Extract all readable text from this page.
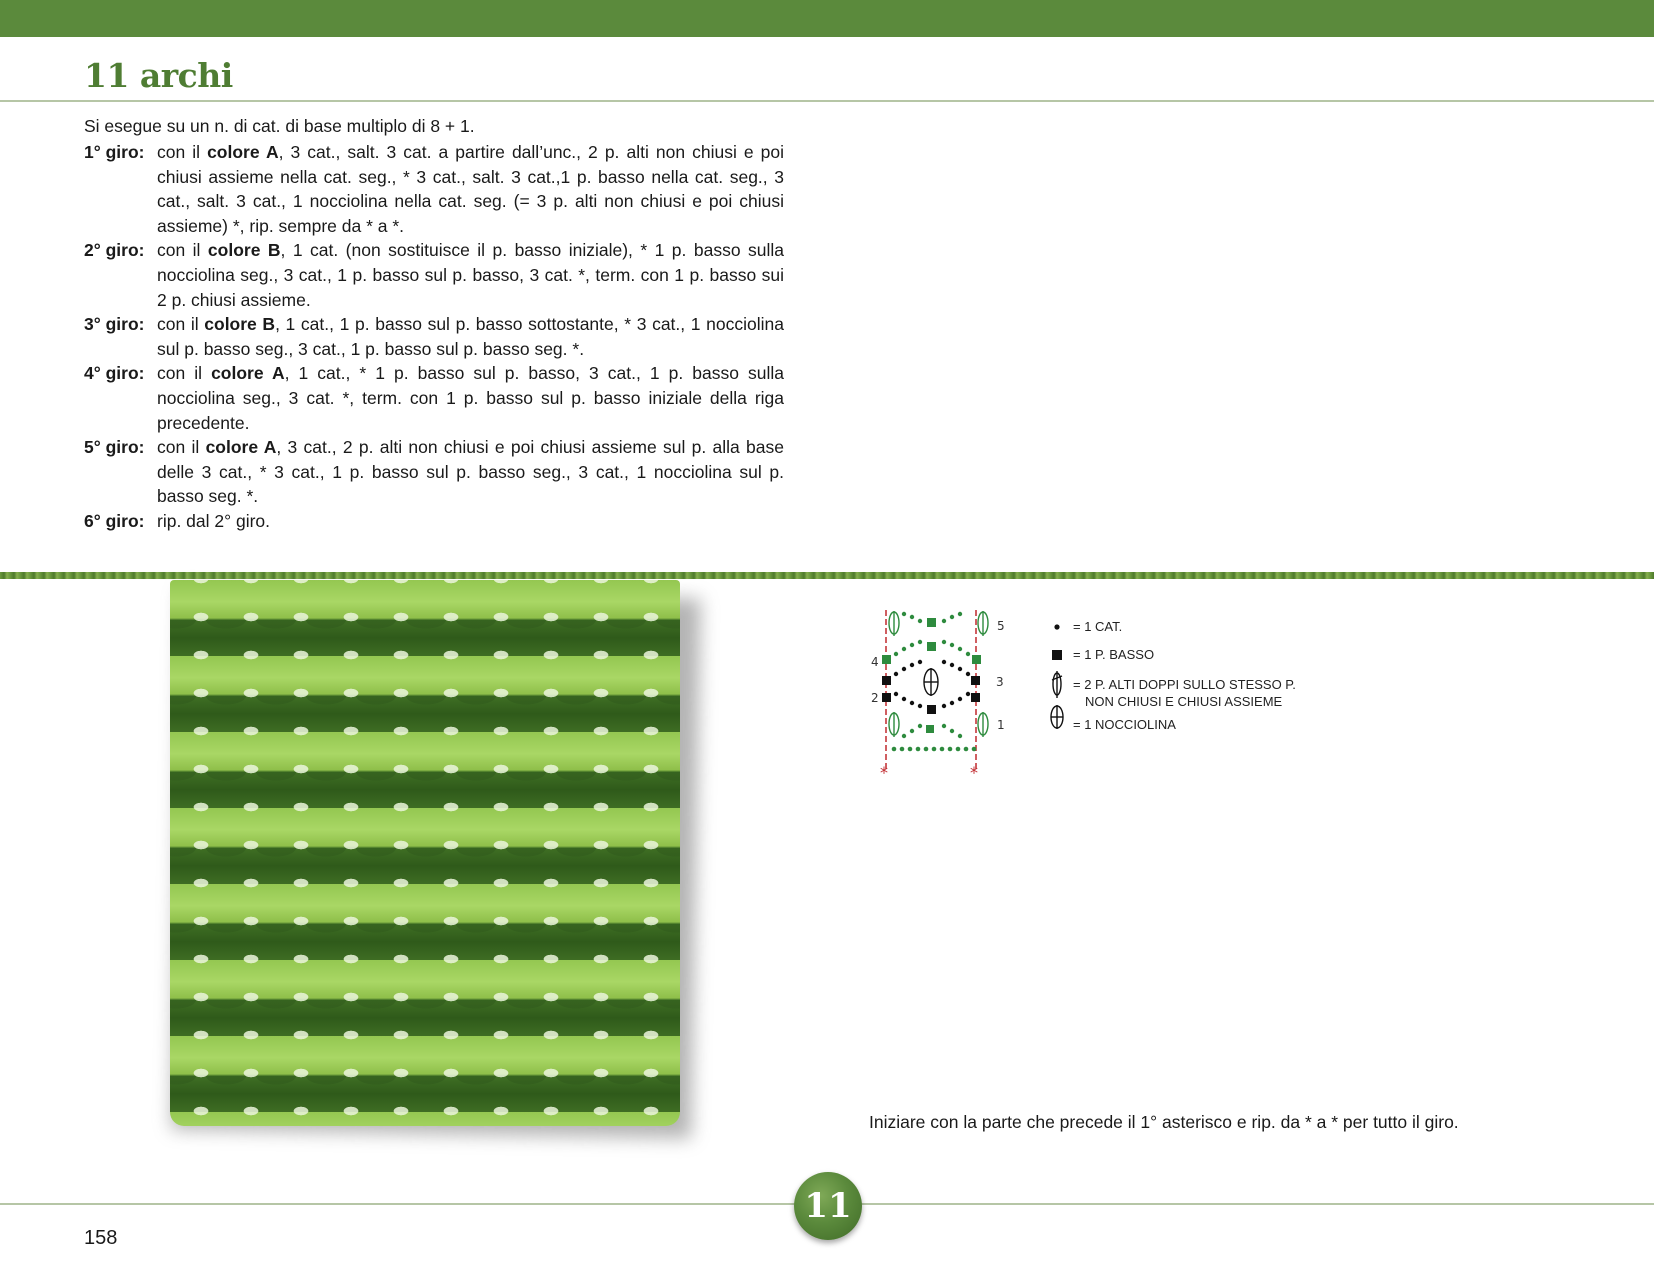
11 archi
Si esegue su un n. di cat. di base multiplo di 8 + 1.
1° giro: con il colore A, 3 cat., salt. 3 cat. a partire dall’unc., 2 p. alti non chiusi e poi chiusi assieme nella cat. seg., * 3 cat., salt. 3 cat.,1 p. basso nella cat. seg., 3 cat., salt. 3 cat., 1 nocciolina nella cat. seg. (= 3 p. alti non chiusi e poi chiusi assieme) *, rip. sempre da * a *.
2° giro: con il colore B, 1 cat. (non sostituisce il p. basso iniziale), * 1 p. basso sulla nocciolina seg., 3 cat., 1 p. basso sul p. basso, 3 cat. *, term. con 1 p. basso sui 2 p. chiusi assieme.
3° giro: con il colore B, 1 cat., 1 p. basso sul p. basso sottostante, * 3 cat., 1 nocciolina sul p. basso seg., 3 cat., 1 p. basso sul p. basso seg. *.
4° giro: con il colore A, 1 cat., * 1 p. basso sul p. basso, 3 cat., 1 p. basso sulla nocciolina seg., 3 cat. *, term. con 1 p. basso sul p. basso iniziale della riga precedente.
5° giro: con il colore A, 3 cat., 2 p. alti non chiusi e poi chiusi assieme sul p. alla base delle 3 cat., * 3 cat., 1 p. basso sul p. basso seg., 3 cat., 1 nocciolina sul p. basso seg. *.
6° giro: rip. dal 2° giro.
*	*
1
2
3
4
5	= 1 CAT.
= 1 P. BASSO
= 2 P. ALTI DOPPI SULLO STESSO P.
NON CHIUSI E CHIUSI ASSIEME
= 1 NOCCIOLINA
Iniziare con la parte che precede il 1° asterisco e rip. da * a * per tutto il giro.
158
11
